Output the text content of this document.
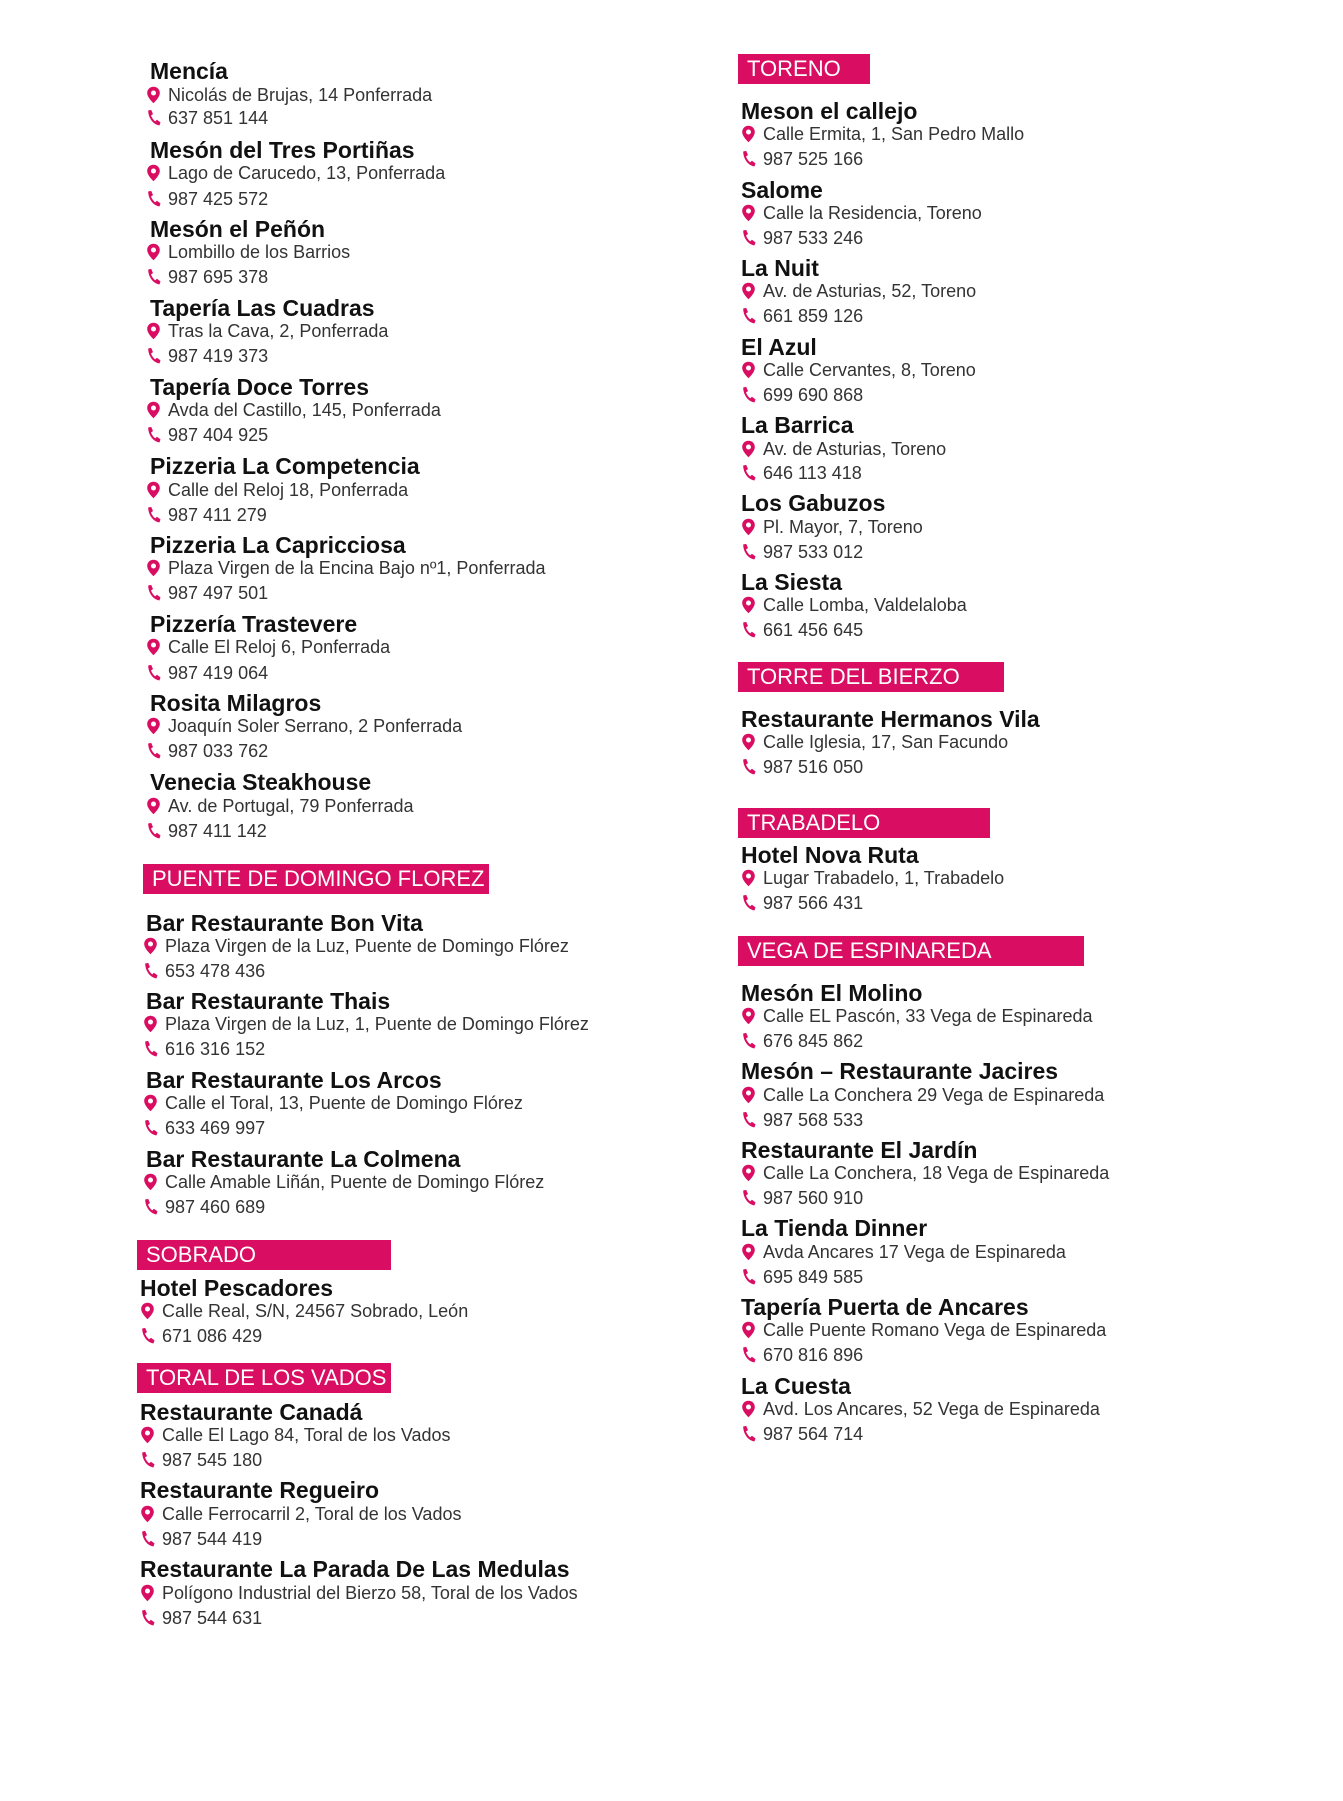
Mencía
Nicolás de Brujas, 14 Ponferrada
637 851 144
Mesón del Tres Portiñas
Lago de Carucedo, 13, Ponferrada
987 425 572
Mesón el Peñón
Lombillo de los Barrios
987 695 378
Tapería Las Cuadras
Tras la Cava, 2, Ponferrada
987 419 373
Tapería Doce Torres
Avda del Castillo, 145, Ponferrada
987 404 925
Pizzeria La Competencia
Calle del Reloj 18, Ponferrada
987 411 279
Pizzeria La Capricciosa
Plaza Virgen de la Encina Bajo nº1, Ponferrada
987 497 501
Pizzería Trastevere
Calle El Reloj 6, Ponferrada
987 419 064
Rosita Milagros
Joaquín Soler Serrano, 2 Ponferrada
987 033 762
Venecia Steakhouse
Av. de Portugal, 79 Ponferrada
987 411 142
PUENTE DE DOMINGO FLOREZ
Bar Restaurante Bon Vita
Plaza Virgen de la Luz, Puente de Domingo Flórez
653 478 436
Bar Restaurante Thais
Plaza Virgen de la Luz, 1, Puente de Domingo Flórez
616 316 152
Bar Restaurante Los Arcos
Calle el Toral, 13, Puente de Domingo Flórez
633 469 997
Bar Restaurante La Colmena
Calle Amable Liñán, Puente de Domingo Flórez
987 460 689
SOBRADO
Hotel Pescadores
Calle Real, S/N, 24567 Sobrado, León
671 086 429
TORAL DE LOS VADOS
Restaurante Canadá
Calle El Lago 84, Toral de los Vados
987 545 180
Restaurante Regueiro
Calle Ferrocarril 2, Toral de los Vados
987 544 419
Restaurante La Parada De Las Medulas
Polígono Industrial del Bierzo 58, Toral de los Vados
987 544 631
TORENO
Meson el callejo
Calle Ermita, 1, San Pedro Mallo
987 525 166
Salome
Calle la Residencia, Toreno
987 533 246
La Nuit
Av. de Asturias, 52, Toreno
661 859 126
El Azul
Calle Cervantes, 8, Toreno
699 690 868
La Barrica
Av. de Asturias, Toreno
646 113 418
Los Gabuzos
Pl. Mayor, 7, Toreno
987 533 012
La Siesta
Calle Lomba, Valdelaloba
661 456 645
TORRE DEL BIERZO
Restaurante Hermanos Vila
Calle Iglesia, 17, San Facundo
987 516 050
TRABADELO
Hotel Nova Ruta
Lugar Trabadelo, 1, Trabadelo
987 566 431
VEGA DE ESPINAREDA
Mesón El Molino
Calle EL Pascón, 33 Vega de Espinareda
676 845 862
Mesón – Restaurante Jacires
Calle La Conchera 29 Vega de Espinareda
987 568 533
Restaurante El Jardín
Calle La Conchera, 18 Vega de Espinareda
987 560 910
La Tienda Dinner
Avda Ancares 17 Vega de Espinareda
695 849 585
Tapería Puerta de Ancares
Calle Puente Romano Vega de Espinareda
670 816 896
La Cuesta
Avd. Los Ancares, 52 Vega de Espinareda
987 564 714
